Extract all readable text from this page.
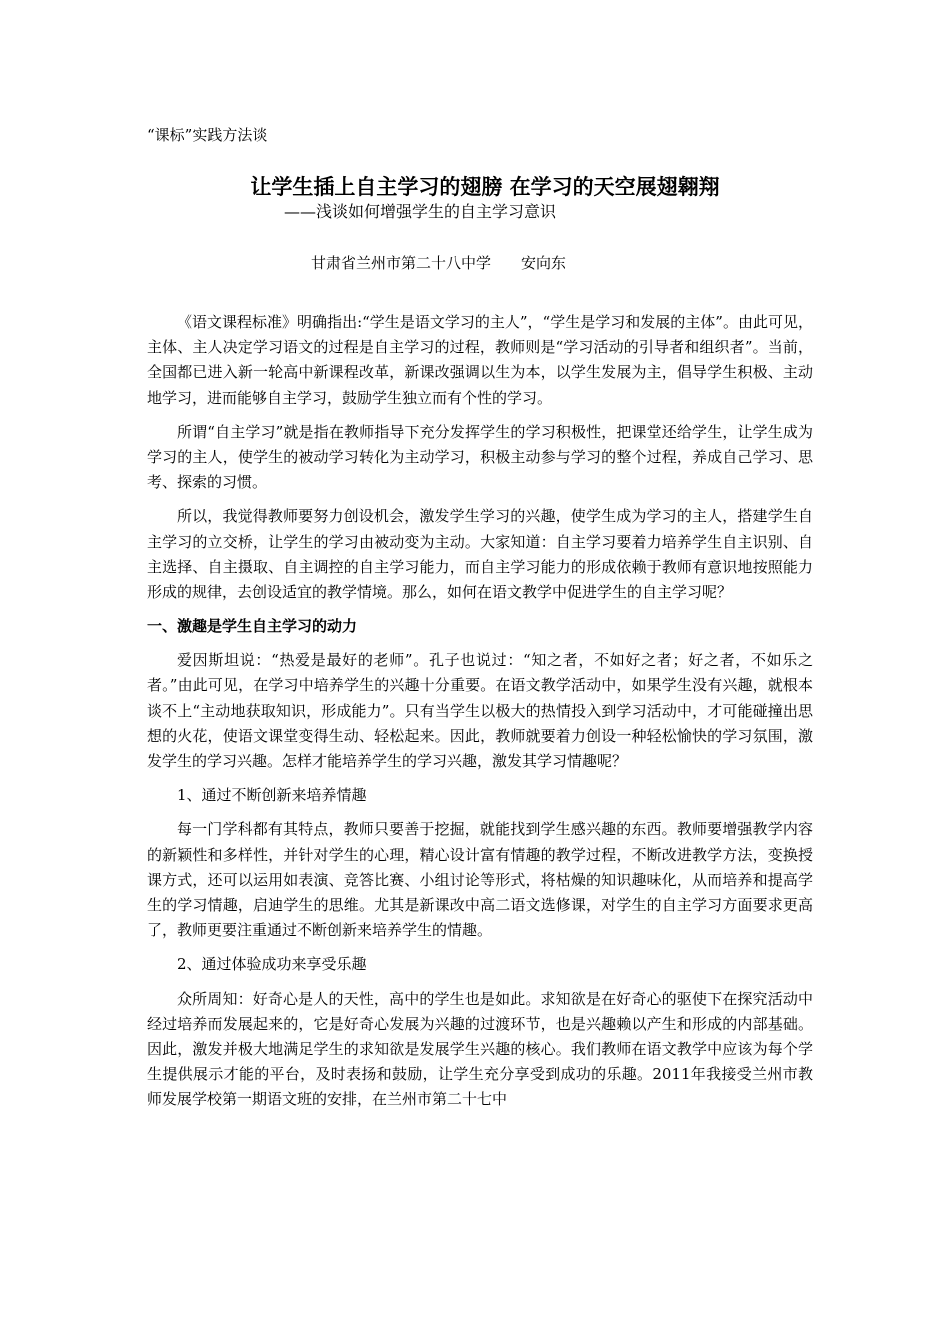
“课标”实践方法谈
让学生插上自主学习的翅膀 在学习的天空展翅翱翔
——浅谈如何增强学生的自主学习意识
甘肃省兰州市第二十八中学　　安向东

《语文课程标准》明确指出:“学生是语文学习的主人”，“学生是学习和发展的主体”。由此可见，主体、主人决定学习语文的过程是自主学习的过程，教师则是“学习活动的引导者和组织者”。当前，全国都已进入新一轮高中新课程改革，新课改强调以生为本，以学生发展为主，倡导学生积极、主动地学习，进而能够自主学习，鼓励学生独立而有个性的学习。

所谓“自主学习”就是指在教师指导下充分发挥学生的学习积极性，把课堂还给学生，让学生成为学习的主人，使学生的被动学习转化为主动学习，积极主动参与学习的整个过程，养成自己学习、思考、探索的习惯。

所以，我觉得教师要努力创设机会，激发学生学习的兴趣，使学生成为学习的主人，搭建学生自主学习的立交桥，让学生的学习由被动变为主动。大家知道：自主学习要着力培养学生自主识别、自主选择、自主摄取、自主调控的自主学习能力，而自主学习能力的形成依赖于教师有意识地按照能力形成的规律，去创设适宜的教学情境。那么，如何在语文教学中促进学生的自主学习呢？

一、激趣是学生自主学习的动力

爱因斯坦说：“热爱是最好的老师”。孔子也说过：“知之者，不如好之者；好之者，不如乐之者。”由此可见，在学习中培养学生的兴趣十分重要。在语文教学活动中，如果学生没有兴趣，就根本谈不上“主动地获取知识，形成能力”。只有当学生以极大的热情投入到学习活动中，才可能碰撞出思想的火花，使语文课堂变得生动、轻松起来。因此，教师就要着力创设一种轻松愉快的学习氛围，激发学生的学习兴趣。怎样才能培养学生的学习兴趣，激发其学习情趣呢？

1、通过不断创新来培养情趣

每一门学科都有其特点，教师只要善于挖掘，就能找到学生感兴趣的东西。教师要增强教学内容的新颖性和多样性，并针对学生的心理，精心设计富有情趣的教学过程，不断改进教学方法，变换授课方式，还可以运用如表演、竞答比赛、小组讨论等形式，将枯燥的知识趣味化，从而培养和提高学生的学习情趣，启迪学生的思维。尤其是新课改中高二语文选修课，对学生的自主学习方面要求更高了，教师更要注重通过不断创新来培养学生的情趣。

2、通过体验成功来享受乐趣

众所周知：好奇心是人的天性，高中的学生也是如此。求知欲是在好奇心的驱使下在探究活动中经过培养而发展起来的，它是好奇心发展为兴趣的过渡环节，也是兴趣赖以产生和形成的内部基础。因此，激发并极大地满足学生的求知欲是发展学生兴趣的核心。我们教师在语文教学中应该为每个学生提供展示才能的平台，及时表扬和鼓励，让学生充分享受到成功的乐趣。2011年我接受兰州市教师发展学校第一期语文班的安排，在兰州市第二十七中
